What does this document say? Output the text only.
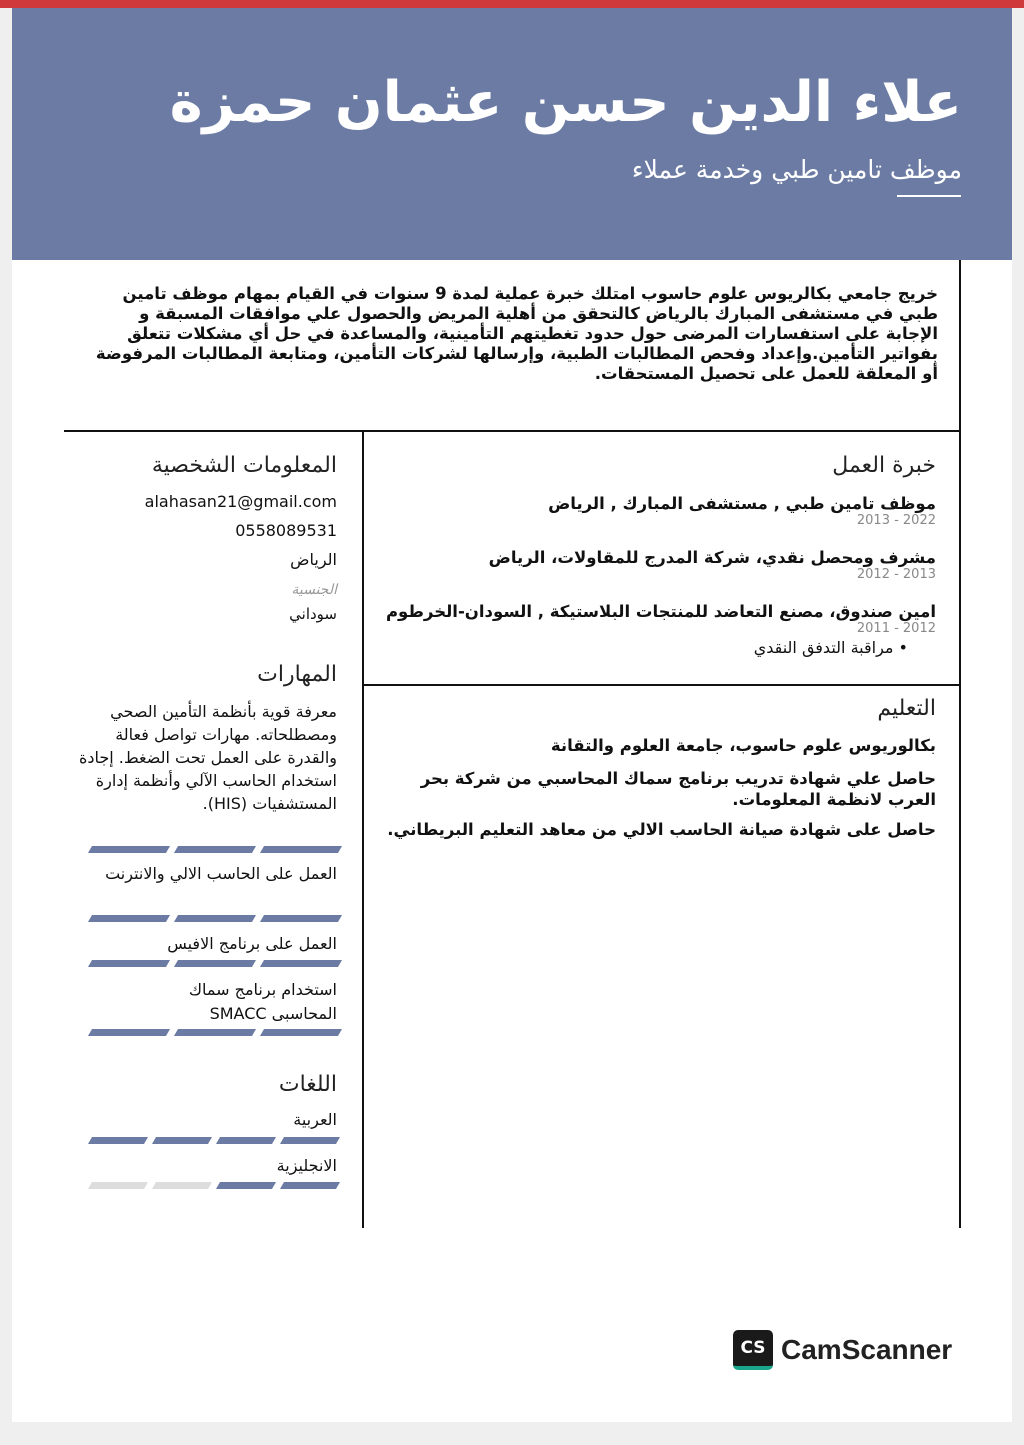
علاء الدين حسن عثمان حمزة
موظف تامين طبي وخدمة عملاء
خريج جامعي بكالريوس علوم حاسوب امتلك خبرة عملية لمدة 9 سنوات في القيام بمهام موظف تامين طبي في مستشفى المبارك بالرياض كالتحقق من أهلية المريض والحصول علي موافقات المسبقة و الإجابة على استفسارات المرضى حول حدود تغطيتهم التأمينية، والمساعدة في حل أي مشكلات تتعلق بفواتير التأمين.وإعداد وفحص المطالبات الطبية، وإرسالها لشركات التأمين، ومتابعة المطالبات المرفوضة أو المعلقة للعمل على تحصيل المستحقات.
خبرة العمل
موظف تامين طبي , مستشفى المبارك , الرياض
2013 - 2022
مشرف ومحصل نقدي، شركة المدرج للمقاولات، الرياض
2012 - 2013
امين صندوق، مصنع التعاضد للمنتجات البلاستيكة , السودان-الخرطوم
2011 - 2012
• مراقبة التدفق النقدي
التعليم
بكالوريوس علوم حاسوب، جامعة العلوم والتقانة
حاصل علي شهادة تدريب برنامج سماك المحاسبي من شركة بحر العرب لانظمة المعلومات.
حاصل على شهادة صيانة الحاسب الالي من معاهد التعليم البريطاني.
المعلومات الشخصية
alahasan21@gmail.com
0558089531
الرياض
الجنسية
سوداني
المهارات
معرفة قوية بأنظمة التأمين الصحي ومصطلحاته. مهارات تواصل فعالة والقدرة على العمل تحت الضغط. إجادة استخدام الحاسب الآلي وأنظمة إدارة المستشفيات (HIS).
العمل على الحاسب الالي والانترنت
العمل على برنامج الافيس
استخدام برنامج سماك المحاسبى SMACC
اللغات
العربية
الانجليزية
CS CamScanner
